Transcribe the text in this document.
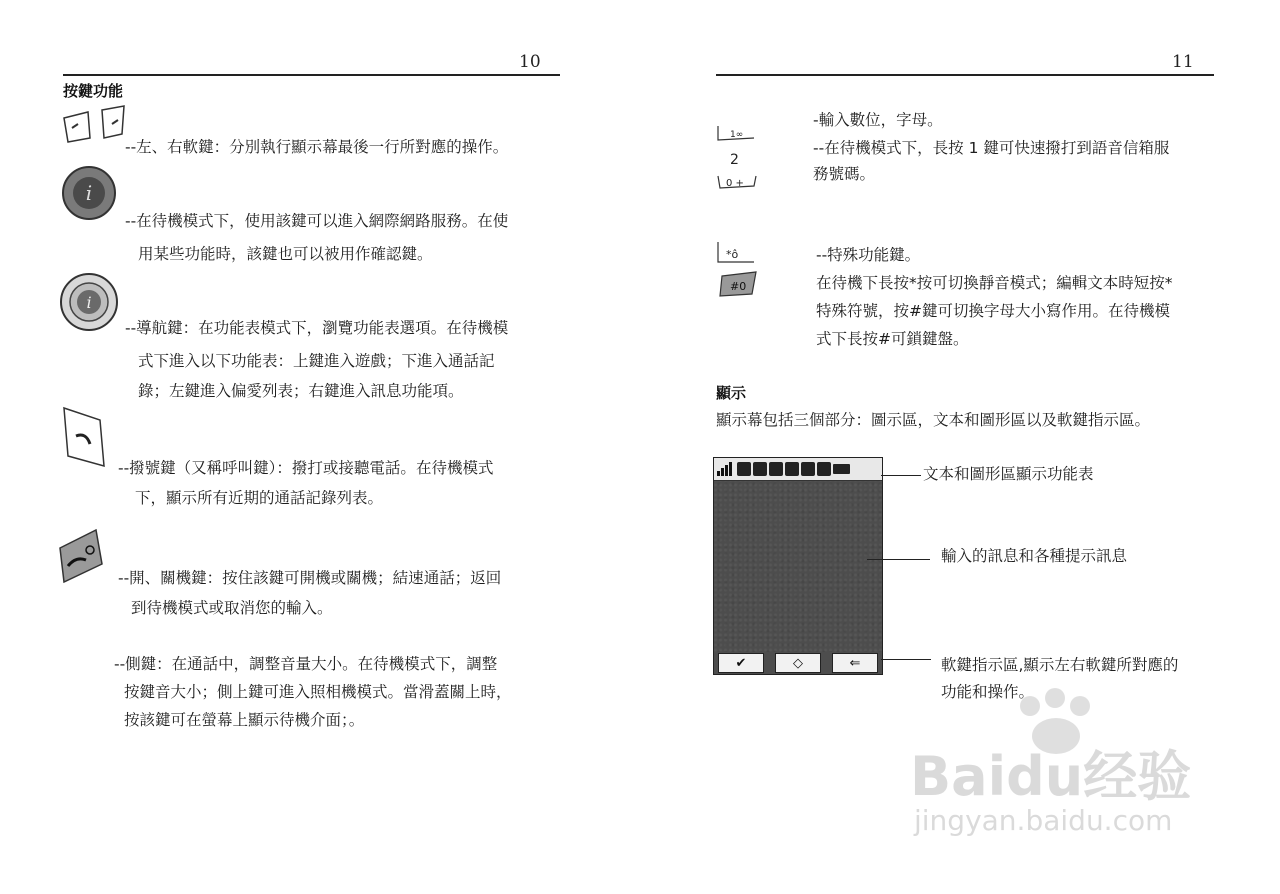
10
按鍵功能
--左、右軟鍵：分別執行顯示幕最後一行所對應的操作。
i
--在待機模式下，使用該鍵可以進入網際網路服務。在使
用某些功能時，該鍵也可以被用作確認鍵。
i
--導航鍵：在功能表模式下，瀏覽功能表選項。在待機模
式下進入以下功能表：上鍵進入遊戲；下進入通話記
錄；左鍵進入偏愛列表；右鍵進入訊息功能項。
--撥號鍵（又稱呼叫鍵）：撥打或接聽電話。在待機模式
下，顯示所有近期的通話記錄列表。
--開、關機鍵：按住該鍵可開機或關機；結速通話；返回
到待機模式或取消您的輸入。
--側鍵：在通話中，調整音量大小。在待機模式下，調整
按鍵音大小；側上鍵可進入照相機模式。當滑蓋關上時，
按該鍵可在螢幕上顯示待機介面；。
11
1∞
2
0 +
-輸入數位，字母。
--在待機模式下，長按 1 鍵可快速撥打到語音信箱服
務號碼。
*ô
#0
--特殊功能鍵。
在待機下長按*按可切換靜音模式；編輯文本時短按*
特殊符號，按#鍵可切換字母大小寫作用。在待機模
式下長按#可鎖鍵盤。
顯示
顯示幕包括三個部分：圖示區，文本和圖形區以及軟鍵指示區。
✔	◇	⇐
文本和圖形區顯示功能表
輸入的訊息和各種提示訊息
軟鍵指示區,顯示左右軟鍵所對應的
功能和操作。
Baidu经验
jingyan.baidu.com
